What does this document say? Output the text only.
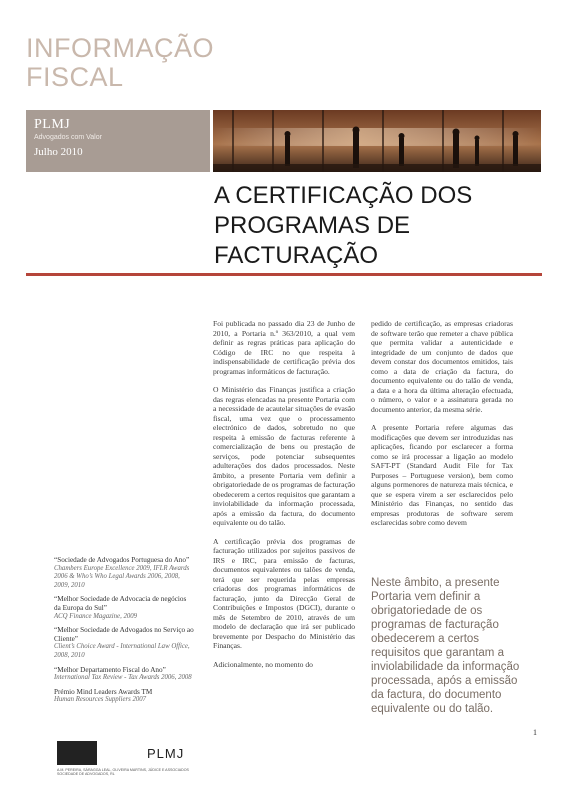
INFORMAÇÃO
FISCAL
PLMJ
Advogados com Valor
Julho 2010
A CERTIFICAÇÃO DOS
PROGRAMAS DE
FACTURAÇÃO

Foi publicada no passado dia 23 de Junho de 2010, a Portaria n.º 363/2010, a qual vem definir as regras práticas para aplicação do Código de IRC no que respeita à indispensabilidade de certificação prévia dos programas informáticos de facturação.

O Ministério das Finanças justifica a criação das regras elencadas na presente Portaria com a necessidade de acautelar situações de evasão fiscal, uma vez que o processamento electrónico de dados, sobretudo no que respeita à emissão de facturas referente à comercialização de bens ou prestação de serviços, pode potenciar subsequentes adulterações dos dados processados. Neste âmbito, a presente Portaria vem definir a obrigatoriedade de os programas de facturação obedecerem a certos requisitos que garantam a inviolabilidade da informação processada, após a emissão da factura, do documento equivalente ou do talão.

A certificação prévia dos programas de facturação utilizados por sujeitos passivos de IRS e IRC, para emissão de facturas, documentos equivalentes ou talões de venda, terá que ser requerida pelas empresas criadoras dos programas informáticos de facturação, junto da Direcção Geral de Contribuições e Impostos (DGCI), durante o mês de Setembro de 2010, através de um modelo de declaração que irá ser publicado brevemente por Despacho do Ministério das Finanças.

Adicionalmente, no momento do

pedido de certificação, as empresas criadoras de software terão que remeter a chave pública que permita validar a autenticidade e integridade de um conjunto de dados que devem constar dos documentos emitidos, tais como a data de criação da factura, do documento equivalente ou do talão de venda, a data e a hora da última alteração efectuada, o número, o valor e a assinatura gerada no documento anterior, da mesma série.

A presente Portaria refere algumas das modificações que devem ser introduzidas nas aplicações, ficando por esclarecer a forma como se irá processar a ligação ao modelo SAFT-PT (Standard Audit File for Tax Purposes – Portuguese version), bem como alguns pormenores de natureza mais técnica, e que se espera virem a ser esclarecidos pelo Ministério das Finanças, no sentido das empresas produtoras de software serem esclarecidas sobre como devem

Neste âmbito, a presente Portaria vem definir a obrigatoriedade de os programas de facturação obedecerem a certos requisitos que garantam a inviolabilidade da informação processada, após a emissão da factura, do documento equivalente ou do talão.
“Sociedade de Advogados Portuguesa do Ano”
Chambers Europe Excellence 2009, IFLR Awards 2006 & Who’s Who Legal Awards 2006, 2008, 2009, 2010
“Melhor Sociedade de Advocacia de negócios da Europa do Sul”
ACQ Finance Magazine, 2009
“Melhor Sociedade de Advogados no Serviço ao Cliente”
Client’s Choice Award - International Law Office, 2008, 2010
“Melhor Departamento Fiscal do Ano”
International Tax Review - Tax Awards 2006, 2008
Prémio Mind Leaders Awards TM
Human Resources Suppliers 2007
1
PLMJ
A.M. PEREIRA, SÁRAGGA LEAL, OLIVEIRA MARTINS, JÚDICE E ASSOCIADOS SOCIEDADE DE ADVOGADOS, RL
